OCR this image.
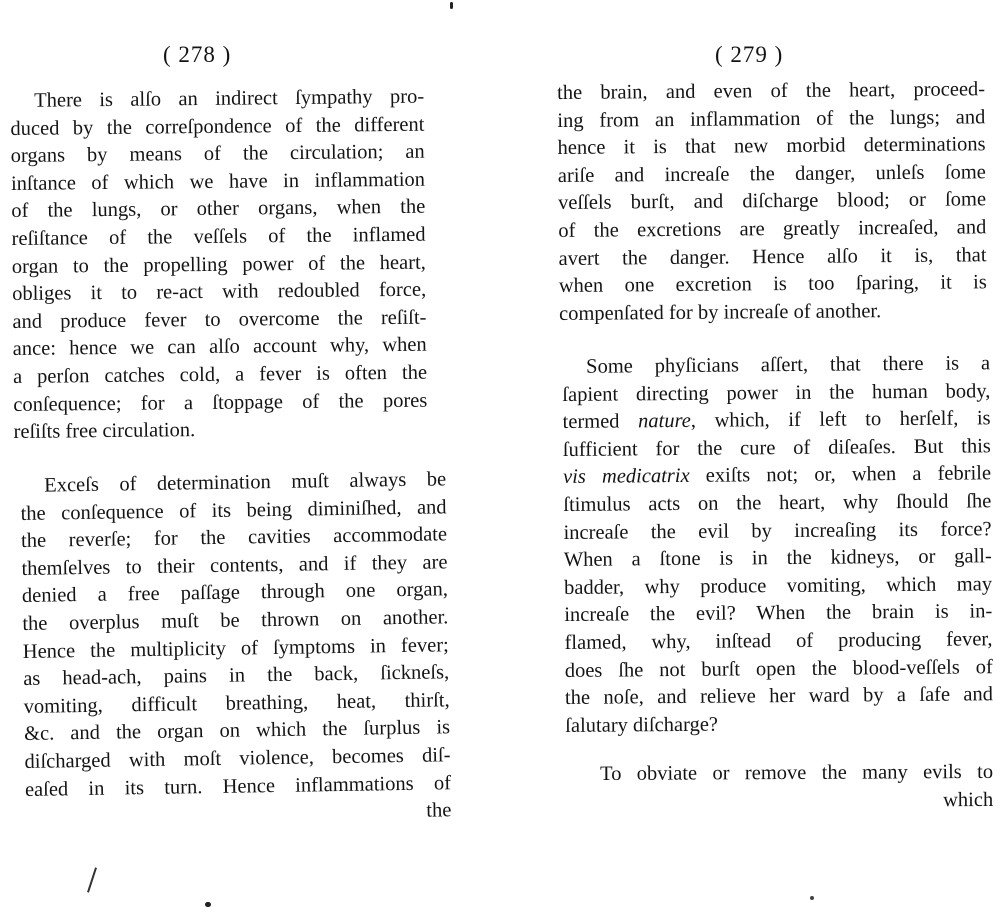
( 278 )
There is alſo an indirect ſympathy pro-
duced by the correſpondence of the different
organs by means of the circulation; an
inſtance of which we have in inflammation
of the lungs, or other organs, when the
reſiſtance of the veſſels of the inflamed
organ to the propelling power of the heart,
obliges it to re-act with redoubled force,
and produce fever to overcome the reſiſt-
ance: hence we can alſo account why, when
a perſon catches cold, a fever is often the
conſequence; for a ſtoppage of the pores
reſiſts free circulation.
Exceſs of determination muſt always be
the conſequence of its being diminiſhed, and
the reverſe; for the cavities accommodate
themſelves to their contents, and if they are
denied a free paſſage through one organ,
the overplus muſt be thrown on another.
Hence the multiplicity of ſymptoms in fever;
as head-ach, pains in the back, ſickneſs,
vomiting, difficult breathing, heat, thirſt,
&c. and the organ on which the ſurplus is
diſcharged with moſt violence, becomes diſ-
eaſed in its turn. Hence inflammations of
the
( 279 )
the brain, and even of the heart, proceed-
ing from an inflammation of the lungs; and
hence it is that new morbid determinations
ariſe and increaſe the danger, unleſs ſome
veſſels burſt, and diſcharge blood; or ſome
of the excretions are greatly increaſed, and
avert the danger. Hence alſo it is, that
when one excretion is too ſparing, it is
compenſated for by increaſe of another.
Some phyſicians aſſert, that there is a
ſapient directing power in the human body,
termed nature, which, if left to herſelf, is
ſufficient for the cure of diſeaſes. But this
vis medicatrix exiſts not; or, when a febrile
ſtimulus acts on the heart, why ſhould ſhe
increaſe the evil by increaſing its force?
When a ſtone is in the kidneys, or gall-
badder, why produce vomiting, which may
increaſe the evil? When the brain is in-
flamed, why, inſtead of producing fever,
does ſhe not burſt open the blood-veſſels of
the noſe, and relieve her ward by a ſafe and
ſalutary diſcharge?
To obviate or remove the many evils to
which
